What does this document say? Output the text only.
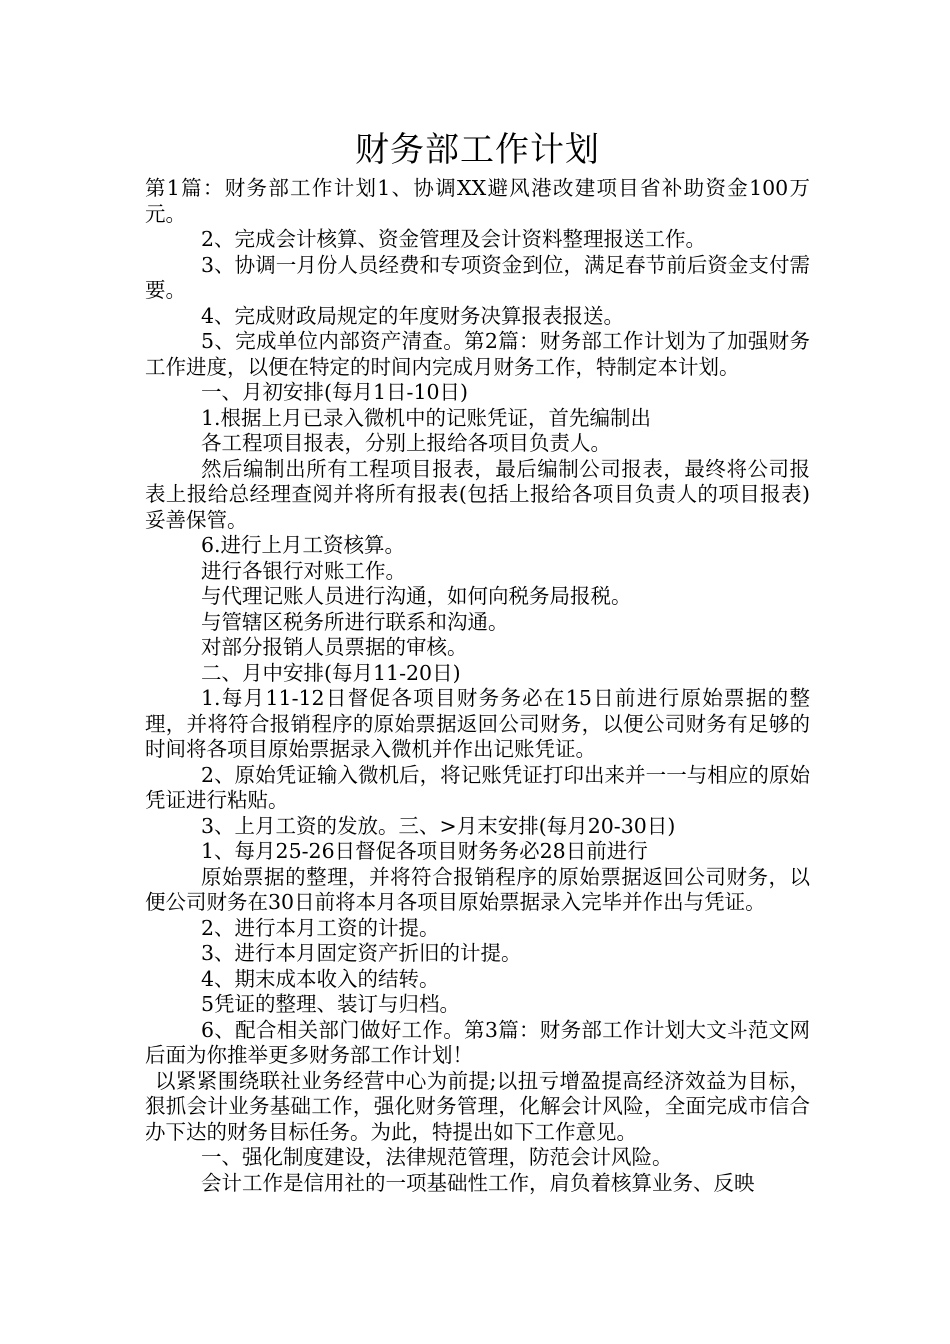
财务部工作计划

第1篇：财务部工作计划1、协调XX避风港改建项目省补助资金100万元。

2、完成会计核算、资金管理及会计资料整理报送工作。

3、协调一月份人员经费和专项资金到位，满足春节前后资金支付需要。

4、完成财政局规定的年度财务决算报表报送。

5、完成单位内部资产清查。第2篇：财务部工作计划为了加强财务工作进度，以便在特定的时间内完成月财务工作，特制定本计划。

一、月初安排(每月1日-10日)

1.根据上月已录入微机中的记账凭证，首先编制出

各工程项目报表，分别上报给各项目负责人。

然后编制出所有工程项目报表，最后编制公司报表，最终将公司报表上报给总经理查阅并将所有报表(包括上报给各项目负责人的项目报表)妥善保管。

6.进行上月工资核算。

进行各银行对账工作。

与代理记账人员进行沟通，如何向税务局报税。

与管辖区税务所进行联系和沟通。

对部分报销人员票据的审核。

二、月中安排(每月11-20日)

1.每月11-12日督促各项目财务务必在15日前进行原始票据的整理，并将符合报销程序的原始票据返回公司财务，以便公司财务有足够的时间将各项目原始票据录入微机并作出记账凭证。

2、原始凭证输入微机后，将记账凭证打印出来并一一与相应的原始凭证进行粘贴。

3、上月工资的发放。三、>月末安排(每月20-30日)

1、每月25-26日督促各项目财务务必28日前进行

原始票据的整理，并将符合报销程序的原始票据返回公司财务，以便公司财务在30日前将本月各项目原始票据录入完毕并作出与凭证。

2、进行本月工资的计提。

3、进行本月固定资产折旧的计提。

4、期末成本收入的结转。

5凭证的整理、装订与归档。

6、配合相关部门做好工作。第3篇：财务部工作计划大文斗范文网后面为你推举更多财务部工作计划！

以紧紧围绕联社业务经营中心为前提;以扭亏增盈提高经济效益为目标，狠抓会计业务基础工作，强化财务管理，化解会计风险，全面完成市信合办下达的财务目标任务。为此，特提出如下工作意见。

一、强化制度建设，法律规范管理，防范会计风险。

会计工作是信用社的一项基础性工作，肩负着核算业务、反映
